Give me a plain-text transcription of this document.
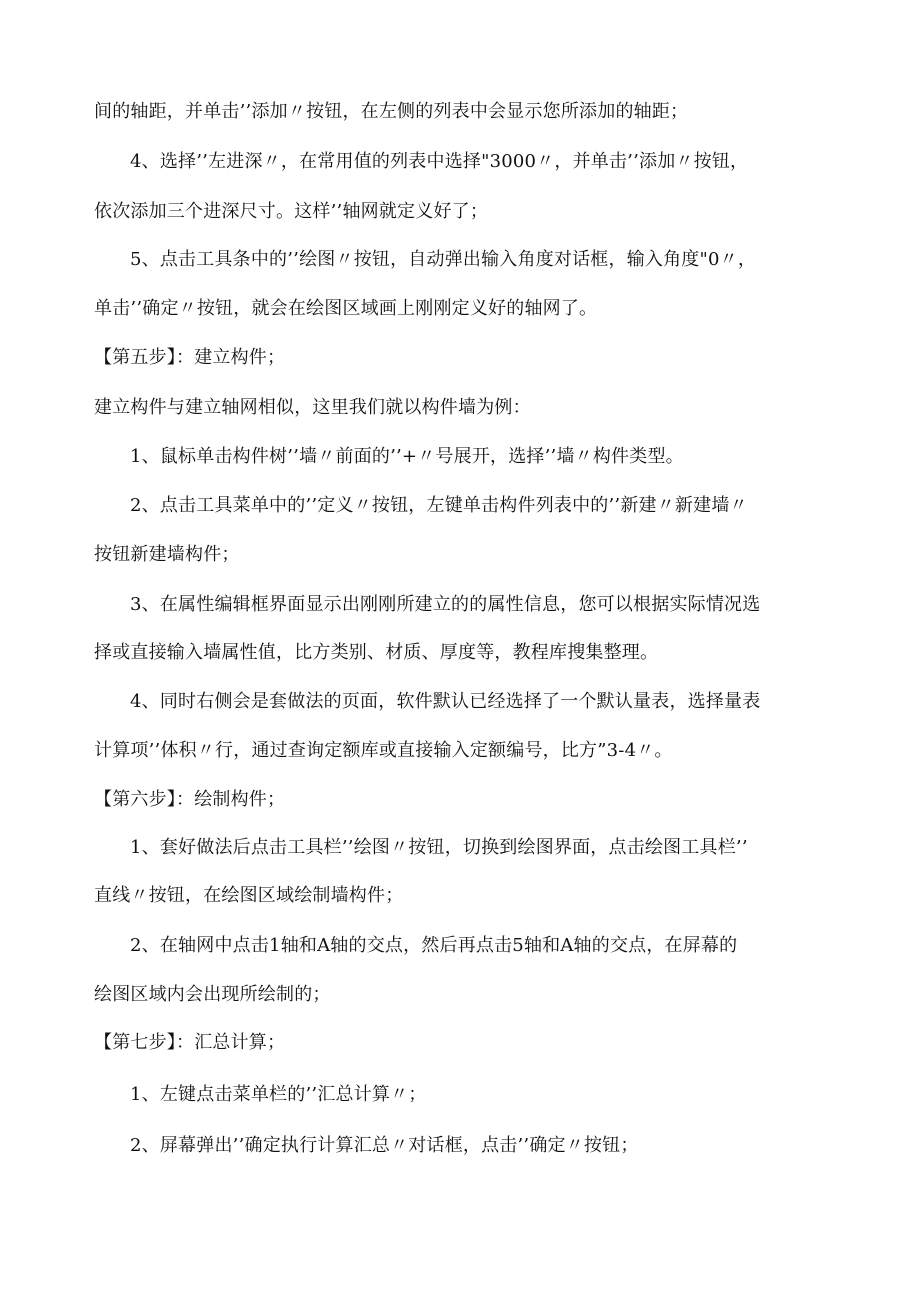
间的轴距，并单击’’添加〃按钮，在左侧的列表中会显示您所添加的轴距；
4、选择’’左进深〃，在常用值的列表中选择"3000〃，并单击’’添加〃按钮，
依次添加三个进深尺寸。这样’’轴网就定义好了；
5、点击工具条中的’’绘图〃按钮，自动弹出输入角度对话框，输入角度"0〃，
单击’’确定〃按钮，就会在绘图区域画上刚刚定义好的轴网了。
【第五步】：建立构件；
建立构件与建立轴网相似，这里我们就以构件墙为例：
1、鼠标单击构件树’’墙〃前面的’’+〃号展开，选择’’墙〃构件类型。
2、点击工具菜单中的’’定义〃按钮，左键单击构件列表中的’’新建〃新建墙〃
按钮新建墙构件；
3、在属性编辑框界面显示出刚刚所建立的的属性信息，您可以根据实际情况选
择或直接输入墙属性值，比方类别、材质、厚度等，教程库搜集整理。
4、同时右侧会是套做法的页面，软件默认已经选择了一个默认量表，选择量表
计算项’’体积〃行，通过查询定额库或直接输入定额编号，比方”3-4〃。
【第六步】：绘制构件；
1、套好做法后点击工具栏’’绘图〃按钮，切换到绘图界面，点击绘图工具栏’’
直线〃按钮，在绘图区域绘制墙构件；
2、在轴网中点击1轴和A轴的交点，然后再点击5轴和A轴的交点，在屏幕的
绘图区域内会出现所绘制的；
【第七步】：汇总计算；
1、左键点击菜单栏的’’汇总计算〃；
2、屏幕弹出’’确定执行计算汇总〃对话框，点击’’确定〃按钮；
